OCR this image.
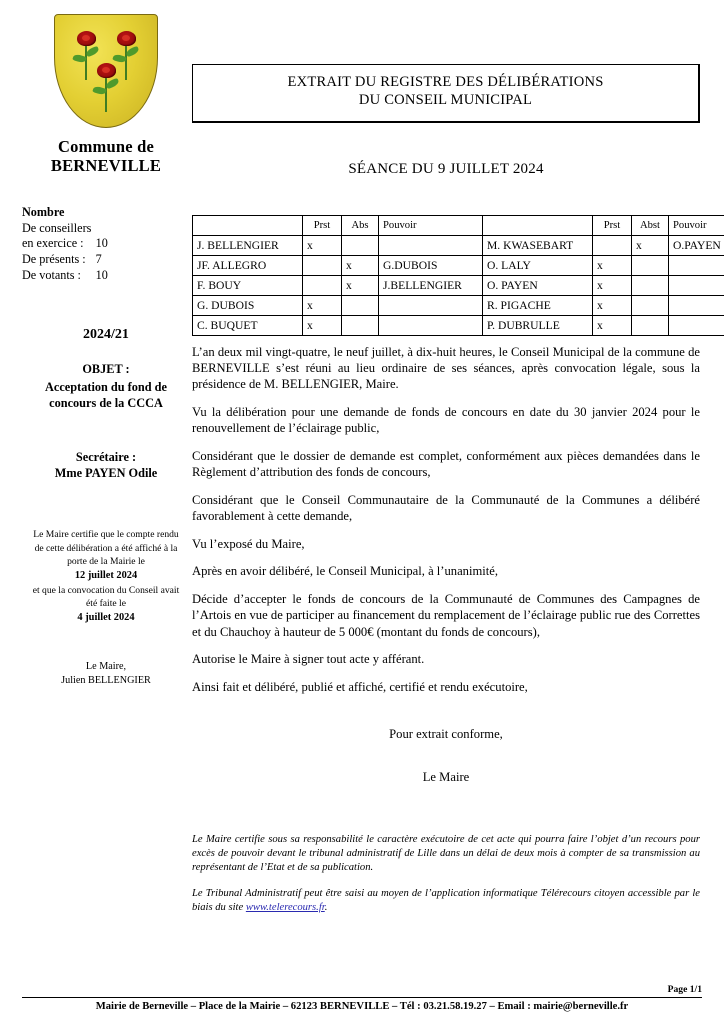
Commune de
BERNEVILLE
Nombre
De conseillers
en exercice :	10
De présents :	7
De votants :	10
2024/21
OBJET :
Acceptation du fond de concours de la CCCA
Secrétaire :
Mme PAYEN Odile
Le Maire certifie que le compte rendu de cette délibération a été affiché à la porte de la Mairie le
12 juillet 2024
et que la convocation du Conseil avait été faite le
4 juillet 2024
Le Maire,
Julien BELLENGIER
EXTRAIT DU REGISTRE DES DÉLIBÉRATIONS
DU CONSEIL MUNICIPAL
SÉANCE DU 9 JUILLET 2024
	Prst	Abs	Pouvoir		Prst	Abst	Pouvoir
J. BELLENGIER	x			M. KWASEBART		x	O.PAYEN
JF. ALLEGRO		x	G.DUBOIS	O. LALY	x		
F. BOUY		x	J.BELLENGIER	O. PAYEN	x		
G. DUBOIS	x			R. PIGACHE	x		
C. BUQUET	x			P. DUBRULLE	x		

L’an deux mil vingt-quatre, le neuf juillet, à dix-huit heures, le Conseil Municipal de la commune de BERNEVILLE s’est réuni au lieu ordinaire de ses séances, après convocation légale, sous la présidence de M. BELLENGIER, Maire.

Vu la délibération pour une demande de fonds de concours en date du 30 janvier 2024 pour le renouvellement de l’éclairage public,

Considérant que le dossier de demande est complet, conformément aux pièces demandées dans le Règlement d’attribution des fonds de concours,

Considérant que le Conseil Communautaire de la Communauté de la Communes a délibéré favorablement à cette demande,

Vu l’exposé du Maire,

Après en avoir délibéré, le Conseil Municipal, à l’unanimité,

Décide d’accepter le fonds de concours de la Communauté de Communes des Campagnes de l’Artois en vue de participer au financement du remplacement de l’éclairage public rue des Correttes et du Chauchoy à hauteur de 5 000€ (montant du fonds de concours),

Autorise le Maire à signer tout acte y afférant.

Ainsi fait et délibéré, publié et affiché, certifié et rendu exécutoire,

Pour extrait conforme,
Le Maire

Le Maire certifie sous sa responsabilité le caractère exécutoire de cet acte qui pourra faire l’objet d’un recours pour excès de pouvoir devant le tribunal administratif de Lille dans un délai de deux mois à compter de sa transmission au représentant de l’Etat et de sa publication.

Le Tribunal Administratif peut être saisi au moyen de l’application informatique Télérecours citoyen accessible par le biais du site www.telerecours.fr.

Page 1/1
Mairie de Berneville – Place de la Mairie – 62123 BERNEVILLE – Tél : 03.21.58.19.27 – Email : mairie@berneville.fr
